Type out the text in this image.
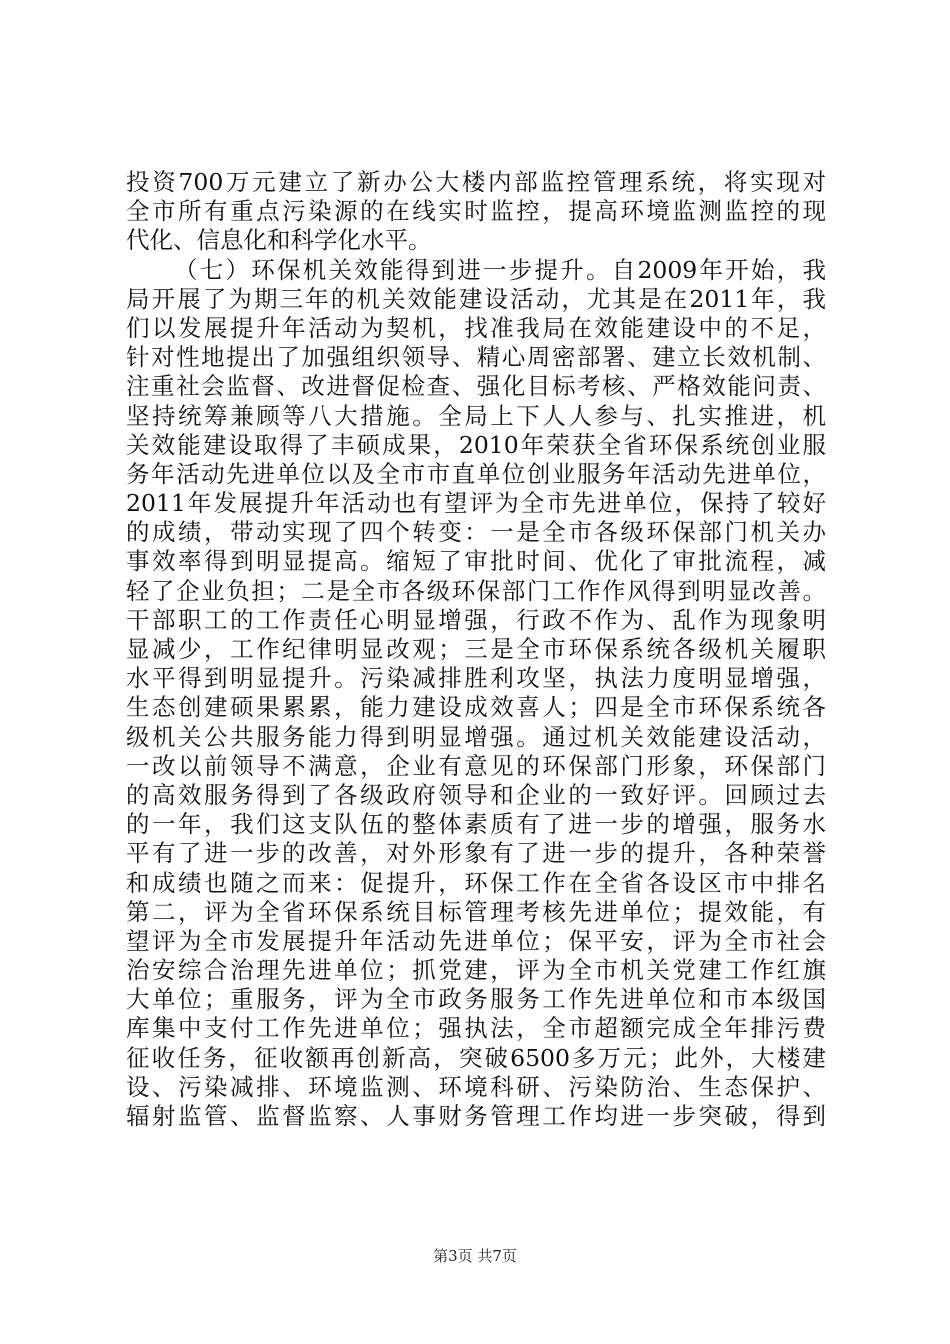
投资700万元建立了新办公大楼内部监控管理系统，将实现对
全市所有重点污染源的在线实时监控，提高环境监测监控的现
代化、信息化和科学化水平。
（七）环保机关效能得到进一步提升。自2009年开始，我
局开展了为期三年的机关效能建设活动，尤其是在2011年，我
们以发展提升年活动为契机，找准我局在效能建设中的不足，
针对性地提出了加强组织领导、精心周密部署、建立长效机制、
注重社会监督、改进督促检查、强化目标考核、严格效能问责、
坚持统筹兼顾等八大措施。全局上下人人参与、扎实推进，机
关效能建设取得了丰硕成果，2010年荣获全省环保系统创业服
务年活动先进单位以及全市市直单位创业服务年活动先进单位，
2011年发展提升年活动也有望评为全市先进单位，保持了较好
的成绩，带动实现了四个转变：一是全市各级环保部门机关办
事效率得到明显提高。缩短了审批时间、优化了审批流程，减
轻了企业负担；二是全市各级环保部门工作作风得到明显改善。
干部职工的工作责任心明显增强，行政不作为、乱作为现象明
显减少，工作纪律明显改观；三是全市环保系统各级机关履职
水平得到明显提升。污染减排胜利攻坚，执法力度明显增强，
生态创建硕果累累，能力建设成效喜人；四是全市环保系统各
级机关公共服务能力得到明显增强。通过机关效能建设活动，
一改以前领导不满意，企业有意见的环保部门形象，环保部门
的高效服务得到了各级政府领导和企业的一致好评。回顾过去
的一年，我们这支队伍的整体素质有了进一步的增强，服务水
平有了进一步的改善，对外形象有了进一步的提升，各种荣誉
和成绩也随之而来：促提升，环保工作在全省各设区市中排名
第二，评为全省环保系统目标管理考核先进单位；提效能，有
望评为全市发展提升年活动先进单位；保平安，评为全市社会
治安综合治理先进单位；抓党建，评为全市机关党建工作红旗
大单位；重服务，评为全市政务服务工作先进单位和市本级国
库集中支付工作先进单位；强执法，全市超额完成全年排污费
征收任务，征收额再创新高，突破6500多万元；此外，大楼建
设、污染减排、环境监测、环境科研、污染防治、生态保护、
辐射监管、监督监察、人事财务管理工作均进一步突破，得到
第3页 共7页
